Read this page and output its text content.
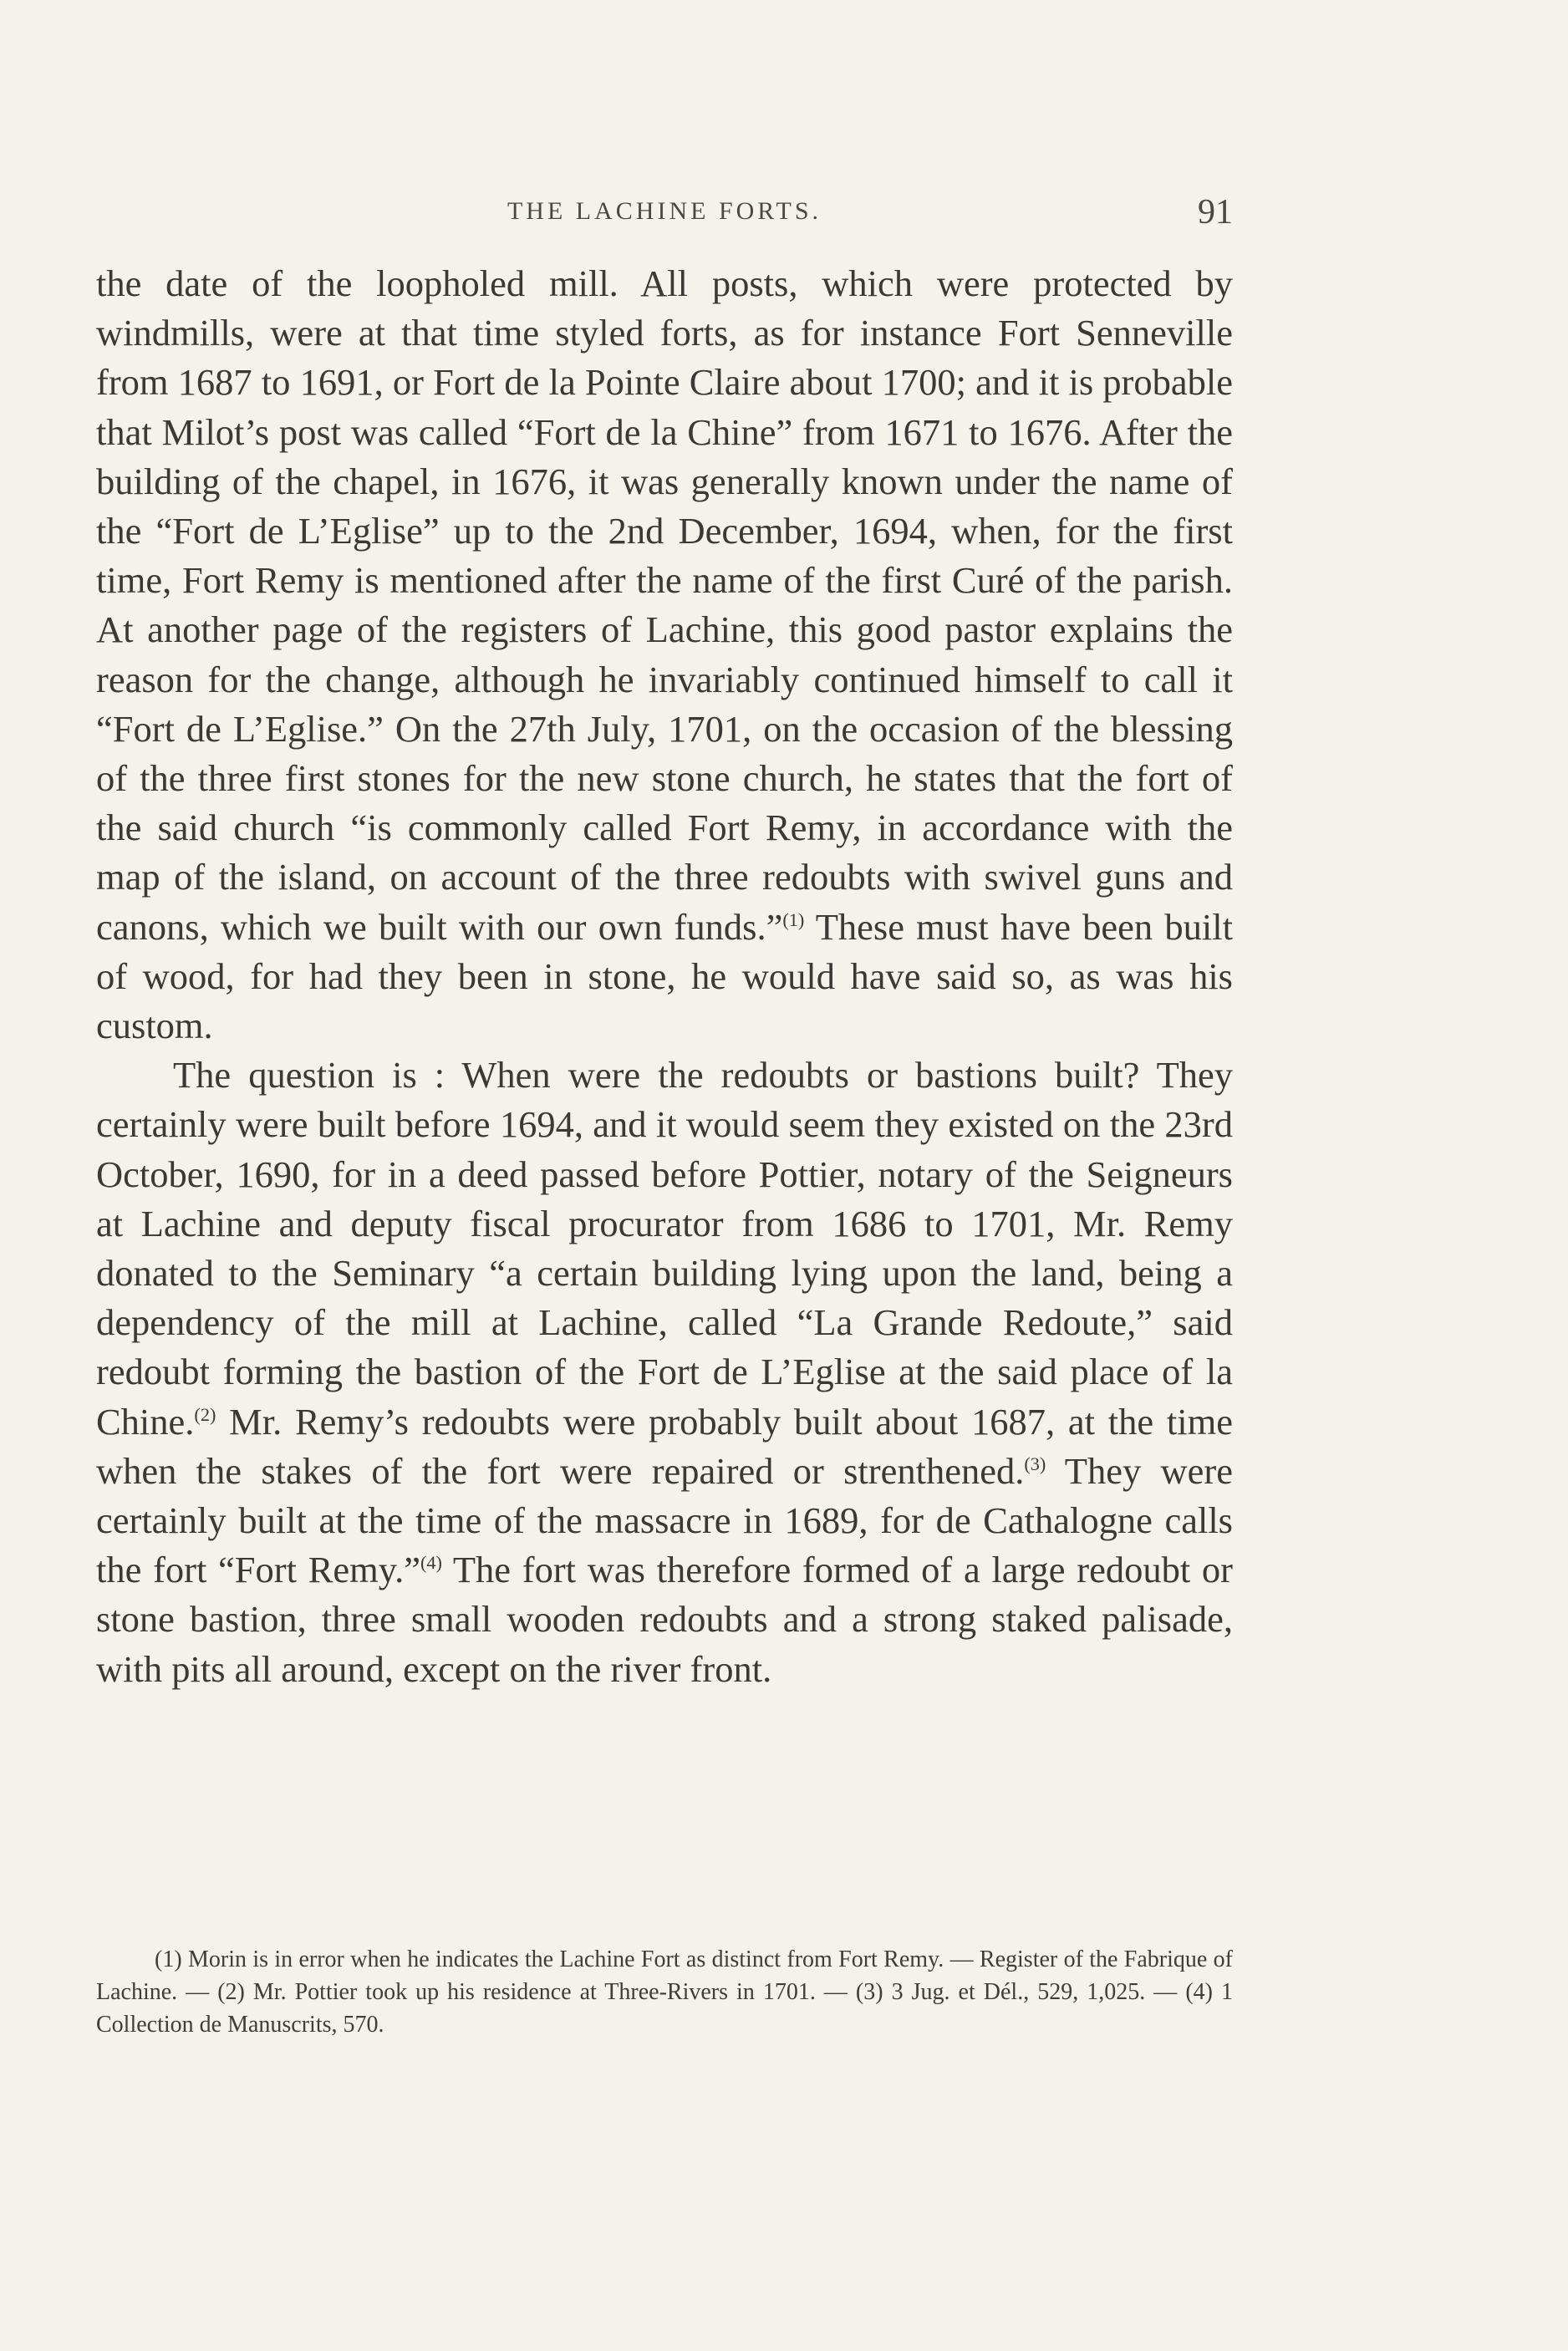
THE LACHINE FORTS.	91

the date of the loopholed mill. All posts, which were protected by windmills, were at that time styled forts, as for instance Fort Senneville from 1687 to 1691, or Fort de la Pointe Claire about 1700; and it is probable that Milot’s post was called “Fort de la Chine” from 1671 to 1676. After the building of the chapel, in 1676, it was generally known under the name of the “Fort de L’Eglise” up to the 2nd December, 1694, when, for the first time, Fort Remy is mentioned after the name of the first Curé of the parish. At another page of the registers of Lachine, this good pastor explains the reason for the change, although he invariably continued himself to call it “Fort de L’Eglise.” On the 27th July, 1701, on the occasion of the blessing of the three first stones for the new stone church, he states that the fort of the said church “is commonly called Fort Remy, in accordance with the map of the island, on account of the three redoubts with swivel guns and canons, which we built with our own funds.”$^{(1)}$ These must have been built of wood, for had they been in stone, he would have said so, as was his custom.

The question is : When were the redoubts or bastions built? They certainly were built before 1694, and it would seem they existed on the 23rd October, 1690, for in a deed passed before Pottier, notary of the Seigneurs at Lachine and deputy fiscal procurator from 1686 to 1701, Mr. Remy donated to the Seminary “a certain building lying upon the land, being a dependency of the mill at Lachine, called “La Grande Redoute,” said redoubt forming the bastion of the Fort de L’Eglise at the said place of la Chine.$^{(2)}$ Mr. Remy’s redoubts were probably built about 1687, at the time when the stakes of the fort were repaired or strenthened.$^{(3)}$ They were certainly built at the time of the massacre in 1689, for de Cathalogne calls the fort “Fort Remy.”$^{(4)}$ The fort was therefore formed of a large redoubt or stone bastion, three small wooden redoubts and a strong staked palisade, with pits all around, except on the river front.

(1) Morin is in error when he indicates the Lachine Fort as distinct from Fort Remy. — Register of the Fabrique of Lachine. — (2) Mr. Pottier took up his residence at Three-Rivers in 1701. — (3) 3 Jug. et Dél., 529, 1,025. — (4) 1 Collection de Manuscrits, 570.
